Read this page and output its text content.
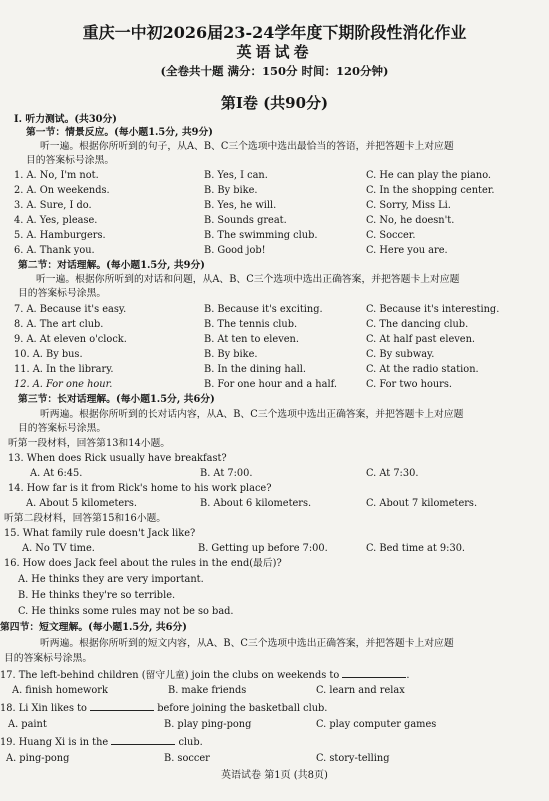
重庆一中初2026届23-24学年度下期阶段性消化作业
英语试卷
(全卷共十题 满分：150分 时间：120分钟)
第Ⅰ卷 (共90分)
I. 听力测试。(共30分)
第一节：情景反应。(每小题1.5分, 共9分)
听一遍。根据你所听到的句子，从A、B、C三个选项中选出最恰当的答语，并把答题卡上对应题
目的答案标号涂黑。
1. A. No, I'm not.	B. Yes, I can.	C. He can play the piano.
2. A. On weekends.	B. By bike.	C. In the shopping center.
3. A. Sure, I do.	B. Yes, he will.	C. Sorry, Miss Li.
4. A. Yes, please.	B. Sounds great.	C. No, he doesn't.
5. A. Hamburgers.	B. The swimming club.	C. Soccer.
6. A. Thank you.	B. Good job!	C. Here you are.
第二节：对话理解。(每小题1.5分, 共9分)
听一遍。根据你所听到的对话和问题，从A、B、C三个选项中选出正确答案，并把答题卡上对应题
目的答案标号涂黑。
7. A. Because it's easy.	B. Because it's exciting.	C. Because it's interesting.
8. A. The art club.	B. The tennis club.	C. The dancing club.
9. A. At eleven o'clock.	B. At ten to eleven.	C. At half past eleven.
10. A. By bus.	B. By bike.	C. By subway.
11. A. In the library.	B. In the dining hall.	C. At the radio station.
12. A. For one hour.	B. For one hour and a half.	C. For two hours.
第三节：长对话理解。(每小题1.5分, 共6分)
听两遍。根据你所听到的长对话内容，从A、B、C三个选项中选出正确答案，并把答题卡上对应题
目的答案标号涂黑。
听第一段材料，回答第13和14小题。
13. When does Rick usually have breakfast?
A. At 6:45.	B. At 7:00.	C. At 7:30.
14. How far is it from Rick's home to his work place?
A. About 5 kilometers.	B. About 6 kilometers.	C. About 7 kilometers.
听第二段材料，回答第15和16小题。
15. What family rule doesn't Jack like?
A. No TV time.	B. Getting up before 7:00.	C. Bed time at 9:30.
16. How does Jack feel about the rules in the end(最后)?
A. He thinks they are very important.
B. He thinks they're so terrible.
C. He thinks some rules may not be so bad.
第四节：短文理解。(每小题1.5分, 共6分)
听两遍。根据你所听到的短文内容，从A、B、C三个选项中选出正确答案，并把答题卡上对应题
目的答案标号涂黑。
17. The left-behind children (留守儿童) join the clubs on weekends to	.
A. finish homework	B. make friends	C. learn and relax
18. Li Xin likes to	before joining the basketball club.
A. paint	B. play ping-pong	C. play computer games
19. Huang Xi is in the	club.
A. ping-pong	B. soccer	C. story-telling
英语试卷 第1页 (共8页)
